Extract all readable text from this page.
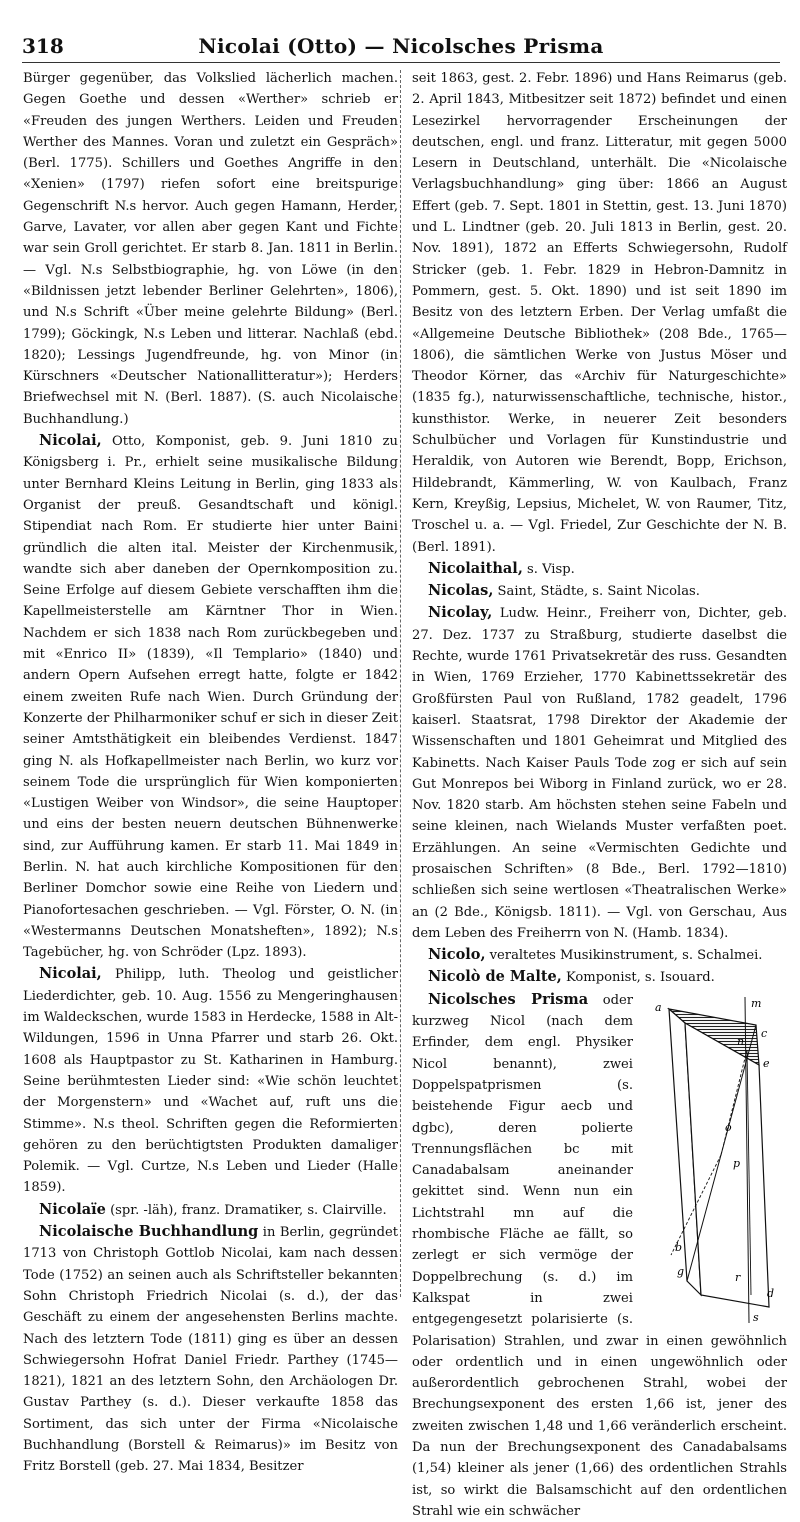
318	Nicolai (Otto) — Nicolsches Prisma

Bürger gegenüber, das Volkslied lächerlich machen. Gegen Goethe und dessen «Werther» schrieb er «Freuden des jungen Werthers. Leiden und Freuden Werther des Mannes. Voran und zuletzt ein Gespräch» (Berl. 1775). Schillers und Goethes Angriffe in den «Xenien» (1797) riefen sofort eine breitspurige Gegenschrift N.s hervor. Auch gegen Hamann, Herder, Garve, Lavater, vor allen aber gegen Kant und Fichte war sein Groll gerichtet. Er starb 8. Jan. 1811 in Berlin. — Vgl. N.s Selbstbiographie, hg. von Löwe (in den «Bildnissen jetzt lebender Berliner Gelehrten», 1806), und N.s Schrift «Über meine gelehrte Bildung» (Berl. 1799); Göckingk, N.s Leben und litterar. Nachlaß (ebd. 1820); Lessings Jugendfreunde, hg. von Minor (in Kürschners «Deutscher Nationallitteratur»); Herders Briefwechsel mit N. (Berl. 1887). (S. auch Nicolaische Buchhandlung.)

Nicolai, Otto, Komponist, geb. 9. Juni 1810 zu Königsberg i. Pr., erhielt seine musikalische Bildung unter Bernhard Kleins Leitung in Berlin, ging 1833 als Organist der preuß. Gesandtschaft und königl. Stipendiat nach Rom. Er studierte hier unter Baini gründlich die alten ital. Meister der Kirchenmusik, wandte sich aber daneben der Opernkomposition zu. Seine Erfolge auf diesem Gebiete verschafften ihm die Kapellmeisterstelle am Kärntner Thor in Wien. Nachdem er sich 1838 nach Rom zurückbegeben und mit «Enrico II» (1839), «Il Templario» (1840) und andern Opern Aufsehen erregt hatte, folgte er 1842 einem zweiten Rufe nach Wien. Durch Gründung der Konzerte der Philharmoniker schuf er sich in dieser Zeit seiner Amtsthätigkeit ein bleibendes Verdienst. 1847 ging N. als Hofkapellmeister nach Berlin, wo kurz vor seinem Tode die ursprünglich für Wien komponierten «Lustigen Weiber von Windsor», die seine Hauptoper und eins der besten neuern deutschen Bühnenwerke sind, zur Aufführung kamen. Er starb 11. Mai 1849 in Berlin. N. hat auch kirchliche Kompositionen für den Berliner Domchor sowie eine Reihe von Liedern und Pianofortesachen geschrieben. — Vgl. Förster, O. N. (in «Westermanns Deutschen Monatsheften», 1892); N.s Tagebücher, hg. von Schröder (Lpz. 1893).

Nicolai, Philipp, luth. Theolog und geistlicher Liederdichter, geb. 10. Aug. 1556 zu Mengeringhausen im Waldeckschen, wurde 1583 in Herdecke, 1588 in Alt-Wildungen, 1596 in Unna Pfarrer und starb 26. Okt. 1608 als Hauptpastor zu St. Katharinen in Hamburg. Seine berühmtesten Lieder sind: «Wie schön leuchtet der Morgenstern» und «Wachet auf, ruft uns die Stimme». N.s theol. Schriften gegen die Reformierten gehören zu den berüchtigtsten Produkten damaliger Polemik. — Vgl. Curtze, N.s Leben und Lieder (Halle 1859).

Nicolaïe (spr. -läh), franz. Dramatiker, s. Clairville.

Nicolaische Buchhandlung in Berlin, gegründet 1713 von Christoph Gottlob Nicolai, kam nach dessen Tode (1752) an seinen auch als Schriftsteller bekannten Sohn Christoph Friedrich Nicolai (s. d.), der das Geschäft zu einem der angesehensten Berlins machte. Nach des letztern Tode (1811) ging es über an dessen Schwiegersohn Hofrat Daniel Friedr. Parthey (1745—1821), 1821 an des letztern Sohn, den Archäologen Dr. Gustav Parthey (s. d.). Dieser verkaufte 1858 das Sortiment, das sich unter der Firma «Nicolaische Buchhandlung (Borstell & Reimarus)» im Besitz von Fritz Borstell (geb. 27. Mai 1834, Besitzer

seit 1863, gest. 2. Febr. 1896) und Hans Reimarus (geb. 2. April 1843, Mitbesitzer seit 1872) befindet und einen Lesezirkel hervorragender Erscheinungen der deutschen, engl. und franz. Litteratur, mit gegen 5000 Lesern in Deutschland, unterhält. Die «Nicolaische Verlagsbuchhandlung» ging über: 1866 an August Effert (geb. 7. Sept. 1801 in Stettin, gest. 13. Juni 1870) und L. Lindtner (geb. 20. Juli 1813 in Berlin, gest. 20. Nov. 1891), 1872 an Efferts Schwiegersohn, Rudolf Stricker (geb. 1. Febr. 1829 in Hebron-Damnitz in Pommern, gest. 5. Okt. 1890) und ist seit 1890 im Besitz von des letztern Erben. Der Verlag umfaßt die «Allgemeine Deutsche Bibliothek» (208 Bde., 1765—1806), die sämtlichen Werke von Justus Möser und Theodor Körner, das «Archiv für Naturgeschichte» (1835 fg.), naturwissenschaftliche, technische, histor., kunsthistor. Werke, in neuerer Zeit besonders Schulbücher und Vorlagen für Kunstindustrie und Heraldik, von Autoren wie Berendt, Bopp, Erichson, Hildebrandt, Kämmerling, W. von Kaulbach, Franz Kern, Kreyßig, Lepsius, Michelet, W. von Raumer, Titz, Troschel u. a. — Vgl. Friedel, Zur Geschichte der N. B. (Berl. 1891).

Nicolaithal, s. Visp.

Nicolas, Saint, Städte, s. Saint Nicolas.

Nicolay, Ludw. Heinr., Freiherr von, Dichter, geb. 27. Dez. 1737 zu Straßburg, studierte daselbst die Rechte, wurde 1761 Privatsekretär des russ. Gesandten in Wien, 1769 Erzieher, 1770 Kabinettssekretär des Großfürsten Paul von Rußland, 1782 geadelt, 1796 kaiserl. Staatsrat, 1798 Direktor der Akademie der Wissenschaften und 1801 Geheimrat und Mitglied des Kabinetts. Nach Kaiser Pauls Tode zog er sich auf sein Gut Monrepos bei Wiborg in Finland zurück, wo er 28. Nov. 1820 starb. Am höchsten stehen seine Fabeln und seine kleinen, nach Wielands Muster verfaßten poet. Erzählungen. An seine «Vermischten Gedichte und prosaischen Schriften» (8 Bde., Berl. 1792—1810) schließen sich seine wertlosen «Theatralischen Werke» an (2 Bde., Königsb. 1811). — Vgl. von Gerschau, Aus dem Leben des Freiherrn von N. (Hamb. 1834).

Nicolo, veraltetes Musikinstrument, s. Schalmei.

Nicolò de Malte, Komponist, s. Isouard.

m
a
c
e
o
p
b
g	r
d
s
n

Nicolsches Prisma oder kurzweg Nicol (nach dem Erfinder, dem engl. Physiker Nicol benannt), zwei Doppelspatprismen (s. beistehende Figur aecb und dgbc), deren polierte Trennungsflächen bc mit Canadabalsam aneinander gekittet sind. Wenn nun ein Lichtstrahl mn auf die rhombische Fläche ae fällt, so zerlegt er sich vermöge der Doppelbrechung (s. d.) im Kalkspat in zwei entgegengesetzt polarisierte (s. Polarisation) Strahlen, und zwar in einen gewöhnlich oder ordentlich und in einen ungewöhnlich oder außerordentlich gebrochenen Strahl, wobei der Brechungsexponent des ersten 1,66 ist, jener des zweiten zwischen 1,48 und 1,66 veränderlich erscheint. Da nun der Brechungsexponent des Canadabalsams (1,54) kleiner als jener (1,66) des ordentlichen Strahls ist, so wirkt die Balsamschicht auf den ordentlichen Strahl wie ein schwächer
